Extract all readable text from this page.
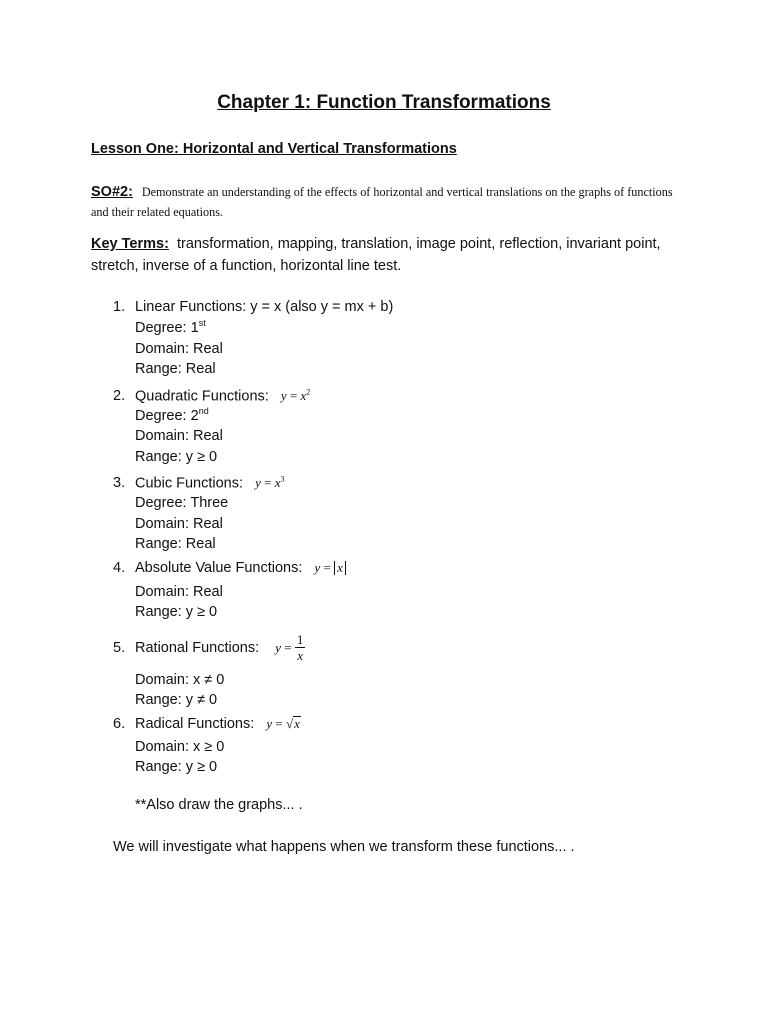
Chapter 1: Function Transformations
Lesson One: Horizontal and Vertical Transformations
SO#2: Demonstrate an understanding of the effects of horizontal and vertical translations on the graphs of functions and their related equations.
Key Terms: transformation, mapping, translation, image point, reflection, invariant point, stretch, inverse of a function, horizontal line test.
1. Linear Functions: y = x (also y = mx + b)
Degree: 1st
Domain: Real
Range: Real
2. Quadratic Functions: $y = x^2$
Degree: 2nd
Domain: Real
Range: y ≥ 0
3. Cubic Functions: $y = x^3$
Degree: Three
Domain: Real
Range: Real
4. Absolute Value Functions: y = x
Domain: Real
Range: y ≥ 0
5. Rational Functions: $y = \frac{1}{x}$
Domain: x ≠ 0
Range: y ≠ 0
6. Radical Functions: y = √x
Domain: x ≥ 0
Range: y ≥ 0
**Also draw the graphs... .
We will investigate what happens when we transform these functions... .
